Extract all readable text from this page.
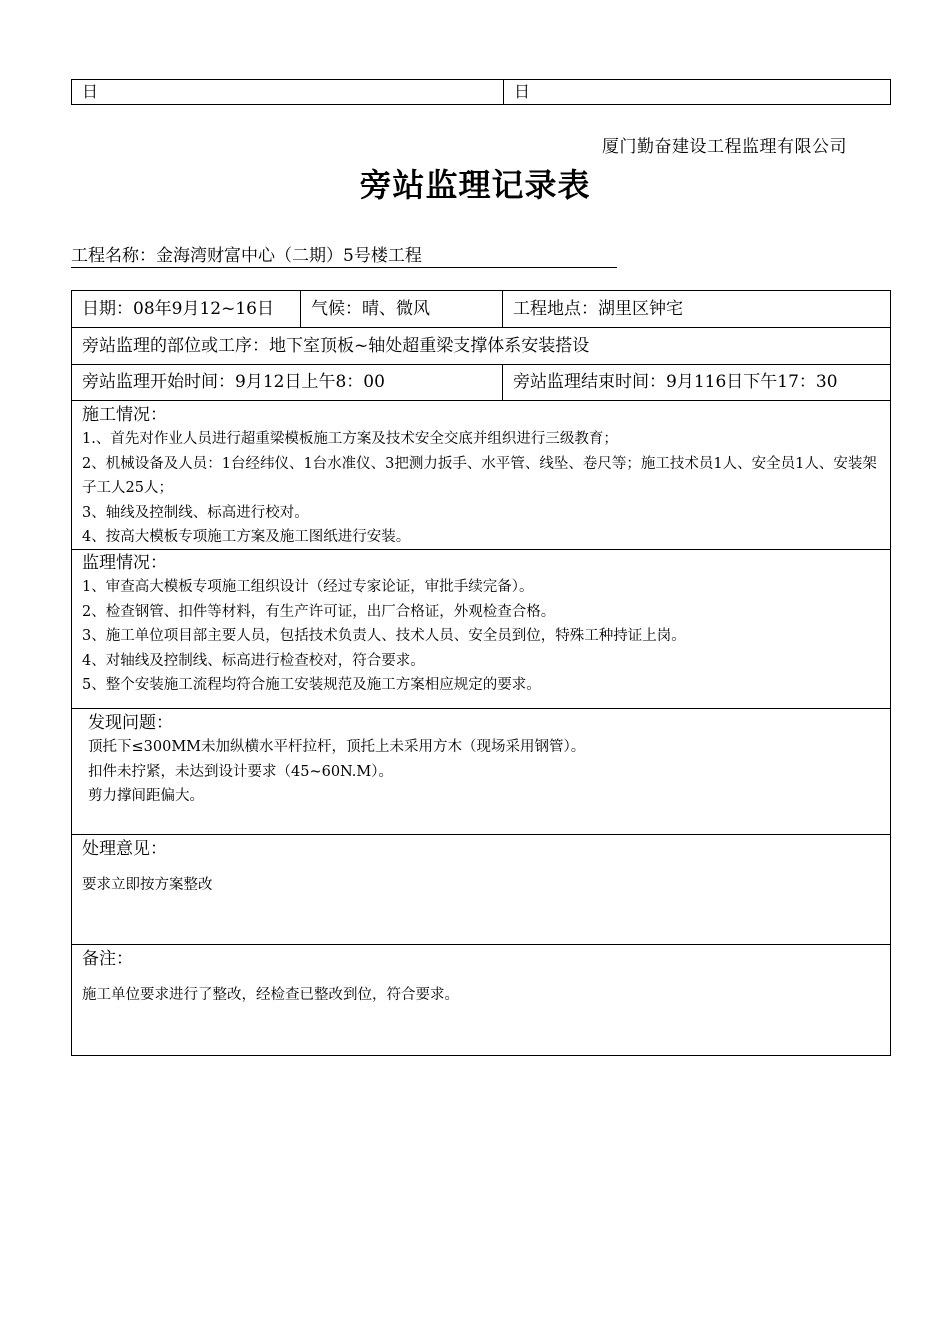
日	日
厦门勤奋建设工程监理有限公司
旁站监理记录表
工程名称：金海湾财富中心（二期）5号楼工程
日期：08年9月12~16日	气候：晴、微风	工程地点：湖里区钟宅
旁站监理的部位或工序：地下室顶板~轴处超重梁支撑体系安装搭设
旁站监理开始时间：9月12日上午8：00	旁站监理结束时间：9月116日下午17：30
施工情况：
1.、首先对作业人员进行超重梁模板施工方案及技术安全交底并组织进行三级教育；
2、机械设备及人员：1台经纬仪、1台水准仪、3把测力扳手、水平管、线坠、卷尺等；施工技术员1人、安全员1人、安装架子工人25人；
3、轴线及控制线、标高进行校对。
4、按高大模板专项施工方案及施工图纸进行安装。
监理情况：
1、审查高大模板专项施工组织设计（经过专家论证，审批手续完备）。
2、检查钢管、扣件等材料，有生产许可证，出厂合格证，外观检查合格。
3、施工单位项目部主要人员，包括技术负责人、技术人员、安全员到位，特殊工种持证上岗。
4、对轴线及控制线、标高进行检查校对，符合要求。
5、整个安装施工流程均符合施工安装规范及施工方案相应规定的要求。
发现问题：
顶托下≤300MM未加纵横水平杆拉杆，顶托上未采用方木（现场采用钢管）。
扣件未拧紧，未达到设计要求（45~60N.M）。
剪力撑间距偏大。
处理意见：
要求立即按方案整改
备注：
施工单位要求进行了整改，经检查已整改到位，符合要求。
